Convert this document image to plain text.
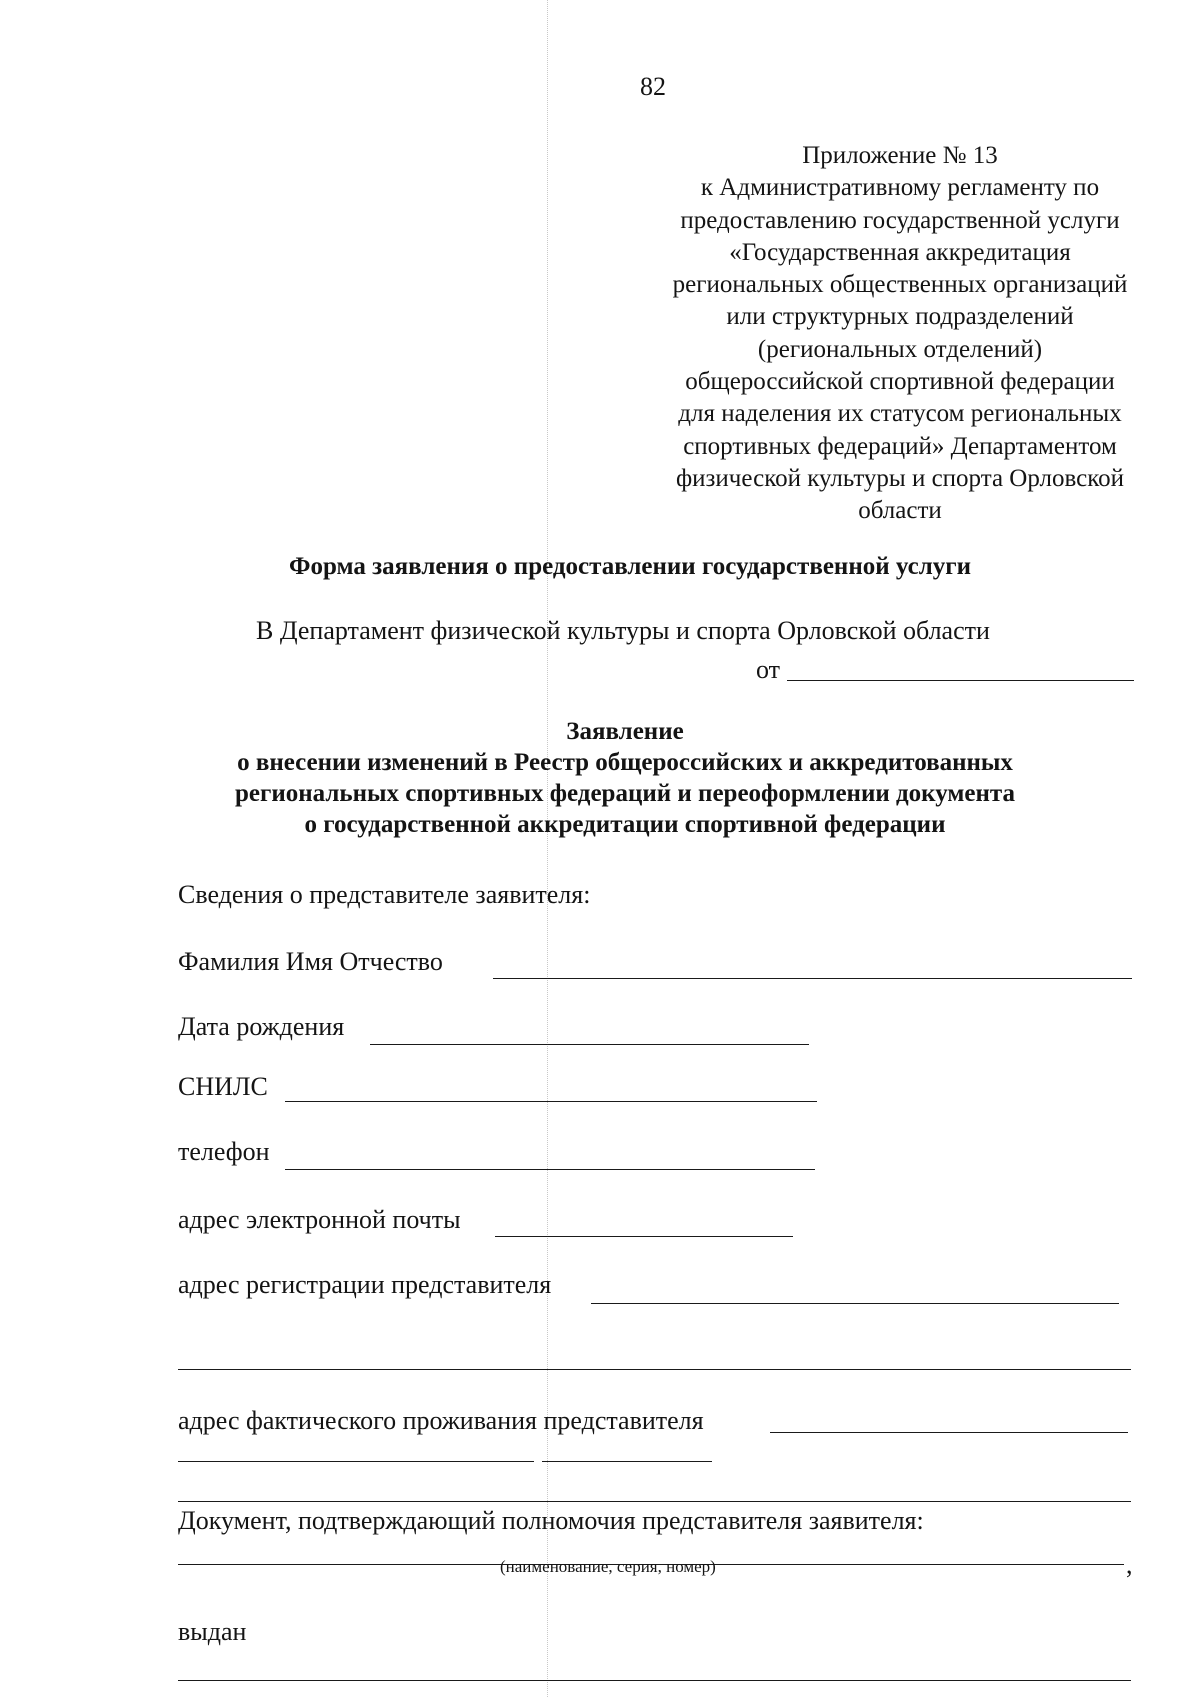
82
Приложение № 13
к Административному регламенту по
предоставлению государственной услуги
«Государственная аккредитация
региональных общественных организаций
или структурных подразделений
(региональных отделений)
общероссийской спортивной федерации
для наделения их статусом региональных
спортивных федераций» Департаментом
физической культуры и спорта Орловской
области
Форма заявления о предоставлении государственной услуги
В Департамент физической культуры и спорта Орловской области
от
Заявление
о внесении изменений в Реестр общероссийских и аккредитованных
региональных спортивных федераций и переоформлении документа
о государственной аккредитации спортивной федерации
Сведения о представителе заявителя:
Фамилия Имя Отчество
Дата рождения
СНИЛС
телефон
адрес электронной почты
адрес регистрации представителя
адрес фактического проживания представителя
Документ, подтверждающий полномочия представителя заявителя:
,
(наименование, серия, номер)
выдан
